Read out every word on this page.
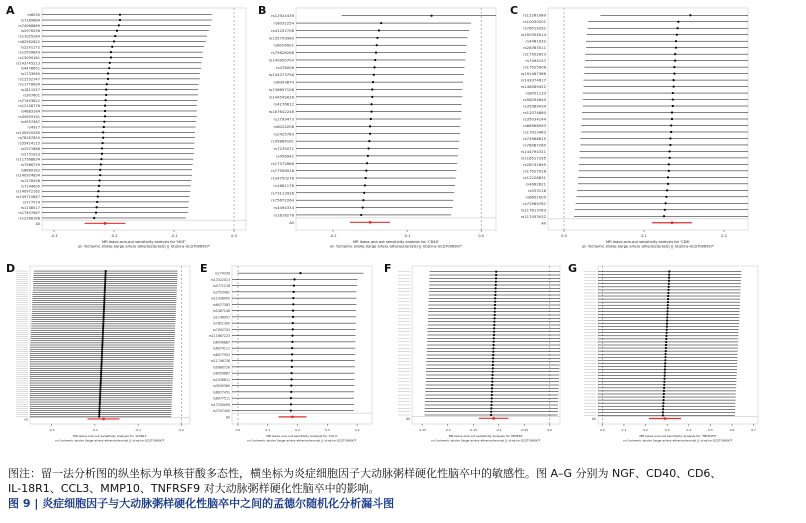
A	rs6035
rs7189684
rs74068889
rs2976256
rs11025284
rs62562622
rs2291172
rs12599843
rs13099161
rs143745213
rs4478651
rs1733965
rs12532747
rs11778634
rs1811257
rs307601
rs77493822
rs12138778
rs4883184
rs34959191
rs4957487
rs4917
rs140920260
rs78187855
rs55424115
rs2971866
rs2751923
rs117568834
rs7966759
rs8689182
rs140924834
rs1378456
rs7144695
rs140972162
rs149710847
rs777574
rs1138517
rs17497667
rs12266188
All
-0.3	-0.2	-0.1	0.0
MR leave-one-out sensitivity analysis for 'NGF'
on 'Ischemic stroke (large artery atherosclerosis) || id:ebi-a-GCST006907'
B rs12924439
rs6032254
rs41252708
rs135759960
rs6026001
rs75626268
rs140950704
rs476006
rs144373758
rs6093874
rs136697108
rs144549026
rs4276612
rs187642246
rs1799473
rs6024206
rs2425783
rs35864161
rs7235071
rs456942
rs17372868
rs77598028
rs34750278
rs1661178
rs73113928
rs75672264
rs4494334
rs1816278
All
-0.2	-0.1	0.0
MR leave-one-out sensitivity analysis for 'CD40'
on 'Ischemic stroke (large artery atherosclerosis) || id:ebi-a-GCST006907'
C rs12261080
rs10030201
rs76019292
rs150354014
rs4461032
rs28363511
rs17502623
rs7494157
rs17525906
rs191467366
rs143374617
rs148069452
rs8051133
rs56294640
rs35089034
rs12074680
rs35034144
rs68968093
rs17023463
rs74966615
rs78087260
rs144794321
rs116517295
rs28741695
rs17527918
rs12226631
rs4062621
rs533116
rs8651005
rs72969761
rs117613783
rs117453032
All
0.0	0.1	0.2
MR leave-one-out sensitivity analysis for 'CD6'
on 'Ischemic stroke (large artery atherosclerosis) || id:ebi-a-GCST006907'
D
All
-0.3	-0.2	-0.1	0.0
MR leave-one-out sensitivity analysis for 'IL18R1'
on 'Ischemic stroke (large artery atherosclerosis) || id:ebi-a-GCST006907'
E rs174330
rs13322013
rs4771218
rs3753481
rs11938000
rs6077383
rs2467246
rs1146957
rs7821300
rs7092703
rs111667223
rs6049887
rs6074111
rs6077953
rs11746738
rs9980726
rs6059687
rs1036611
rs3930360
rs6677451
rs6977511
rs17230099
rs7107400
All
0.0	0.1	0.2	0.3	0.4
MR leave-one-out sensitivity analysis for 'CCL3'
on 'Ischemic stroke (large artery atherosclerosis) || id:ebi-a-GCST006907'
F
All
-0.25	-0.2	-0.15	-0.1	-0.05	0.0
MR leave-one-out sensitivity analysis for 'MMP10'
on 'Ischemic stroke (large artery atherosclerosis) || id:ebi-a-GCST006907'
G
All
0.0	0.1	0.2	0.3	0.4	0.5	0.6	0.7
MR leave-one-out sensitivity analysis for 'TNFRSF9'
on 'Ischemic stroke (large artery atherosclerosis) || id:ebi-a-GCST006907'
图注：留一法分析图的纵坐标为单核苷酸多态性，横坐标为炎症细胞因子大动脉粥样硬化性脑卒中的敏感性。图 A–G 分别为 NGF、CD40、CD6、
IL-18R1、CCL3、MMP10、TNFRSF9 对大动脉粥样硬化性脑卒中的影响。
图 9 | 炎症细胞因子与大动脉粥样硬化性脑卒中之间的孟德尔随机化分析漏斗图
